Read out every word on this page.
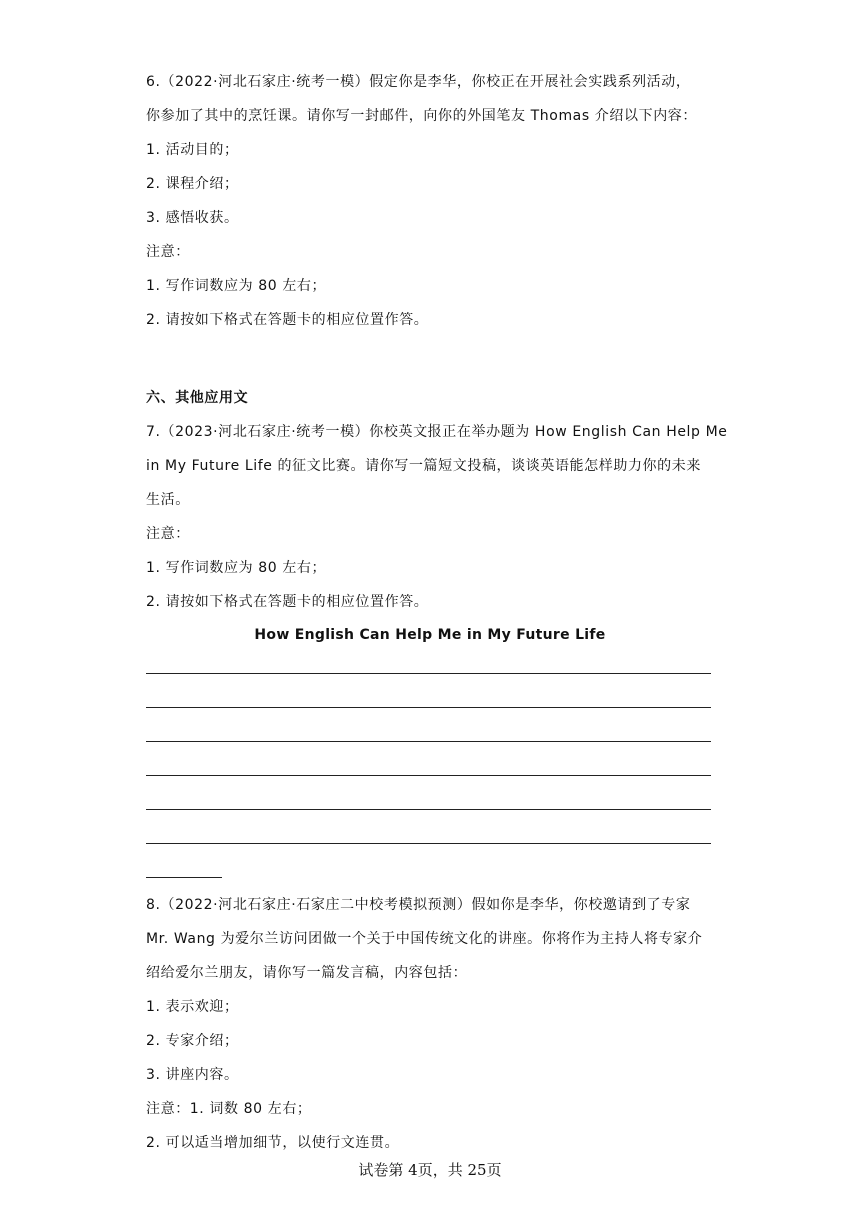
6.（2022·河北石家庄·统考一模）假定你是李华，你校正在开展社会实践系列活动，
你参加了其中的烹饪课。请你写一封邮件，向你的外国笔友 Thomas 介绍以下内容：
1. 活动目的；
2. 课程介绍；
3. 感悟收获。
注意：
1. 写作词数应为 80 左右；
2. 请按如下格式在答题卡的相应位置作答。
六、其他应用文
7.（2023·河北石家庄·统考一模）你校英文报正在举办题为 How English Can Help Me
in My Future Life 的征文比赛。请你写一篇短文投稿，谈谈英语能怎样助力你的未来
生活。
注意：
1. 写作词数应为 80 左右；
2. 请按如下格式在答题卡的相应位置作答。
How English Can Help Me in My Future Life
8.（2022·河北石家庄·石家庄二中校考模拟预测）假如你是李华，你校邀请到了专家
Mr. Wang 为爱尔兰访问团做一个关于中国传统文化的讲座。你将作为主持人将专家介
绍给爱尔兰朋友，请你写一篇发言稿，内容包括：
1. 表示欢迎；
2. 专家介绍；
3. 讲座内容。
注意：1. 词数 80 左右；
2. 可以适当增加细节，以使行文连贯。
试卷第 4页，共 25页
